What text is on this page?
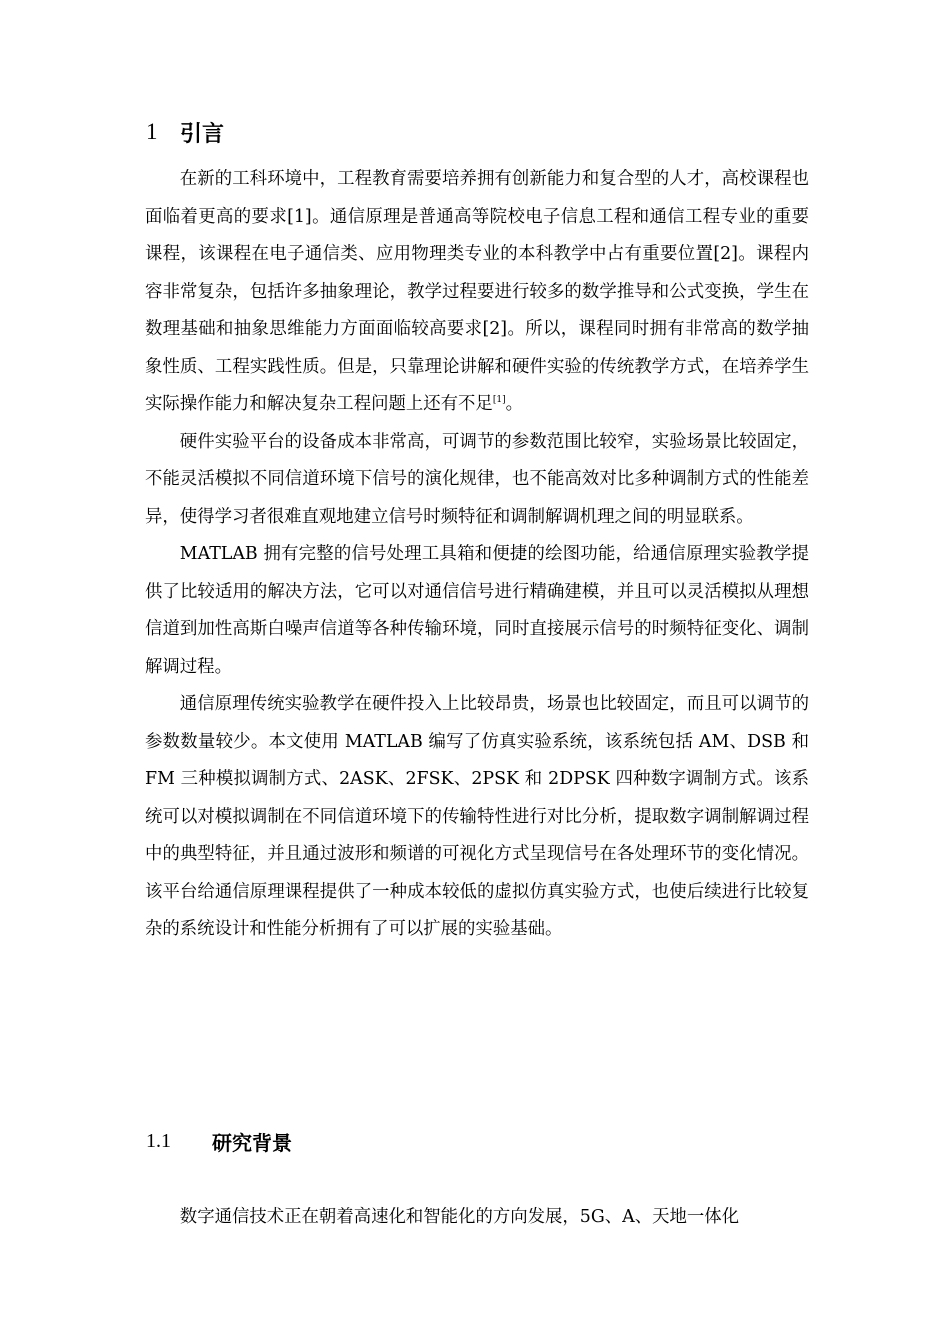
1	引言

在新的工科环境中，工程教育需要培养拥有创新能力和复合型的人才，高校课程也面临着更高的要求[1]。通信原理是普通高等院校电子信息工程和通信工程专业的重要课程，该课程在电子通信类、应用物理类专业的本科教学中占有重要位置[2]。课程内容非常复杂，包括许多抽象理论，教学过程要进行较多的数学推导和公式变换，学生在数理基础和抽象思维能力方面面临较高要求[2]。所以，课程同时拥有非常高的数学抽象性质、工程实践性质。但是，只靠理论讲解和硬件实验的传统教学方式，在培养学生实际操作能力和解决复杂工程问题上还有不足[1]。

硬件实验平台的设备成本非常高，可调节的参数范围比较窄，实验场景比较固定，不能灵活模拟不同信道环境下信号的演化规律，也不能高效对比多种调制方式的性能差异，使得学习者很难直观地建立信号时频特征和调制解调机理之间的明显联系。

MATLAB 拥有完整的信号处理工具箱和便捷的绘图功能，给通信原理实验教学提供了比较适用的解决方法，它可以对通信信号进行精确建模，并且可以灵活模拟从理想信道到加性高斯白噪声信道等各种传输环境，同时直接展示信号的时频特征变化、调制解调过程。

通信原理传统实验教学在硬件投入上比较昂贵，场景也比较固定，而且可以调节的参数数量较少。本文使用 MATLAB 编写了仿真实验系统，该系统包括 AM、DSB 和 FM 三种模拟调制方式、2ASK、2FSK、2PSK 和 2DPSK 四种数字调制方式。该系统可以对模拟调制在不同信道环境下的传输特性进行对比分析，提取数字调制解调过程中的典型特征，并且通过波形和频谱的可视化方式呈现信号在各处理环节的变化情况。该平台给通信原理课程提供了一种成本较低的虚拟仿真实验方式，也使后续进行比较复杂的系统设计和性能分析拥有了可以扩展的实验基础。

1.1	研究背景

数字通信技术正在朝着高速化和智能化的方向发展，5G、A、天地一体化
